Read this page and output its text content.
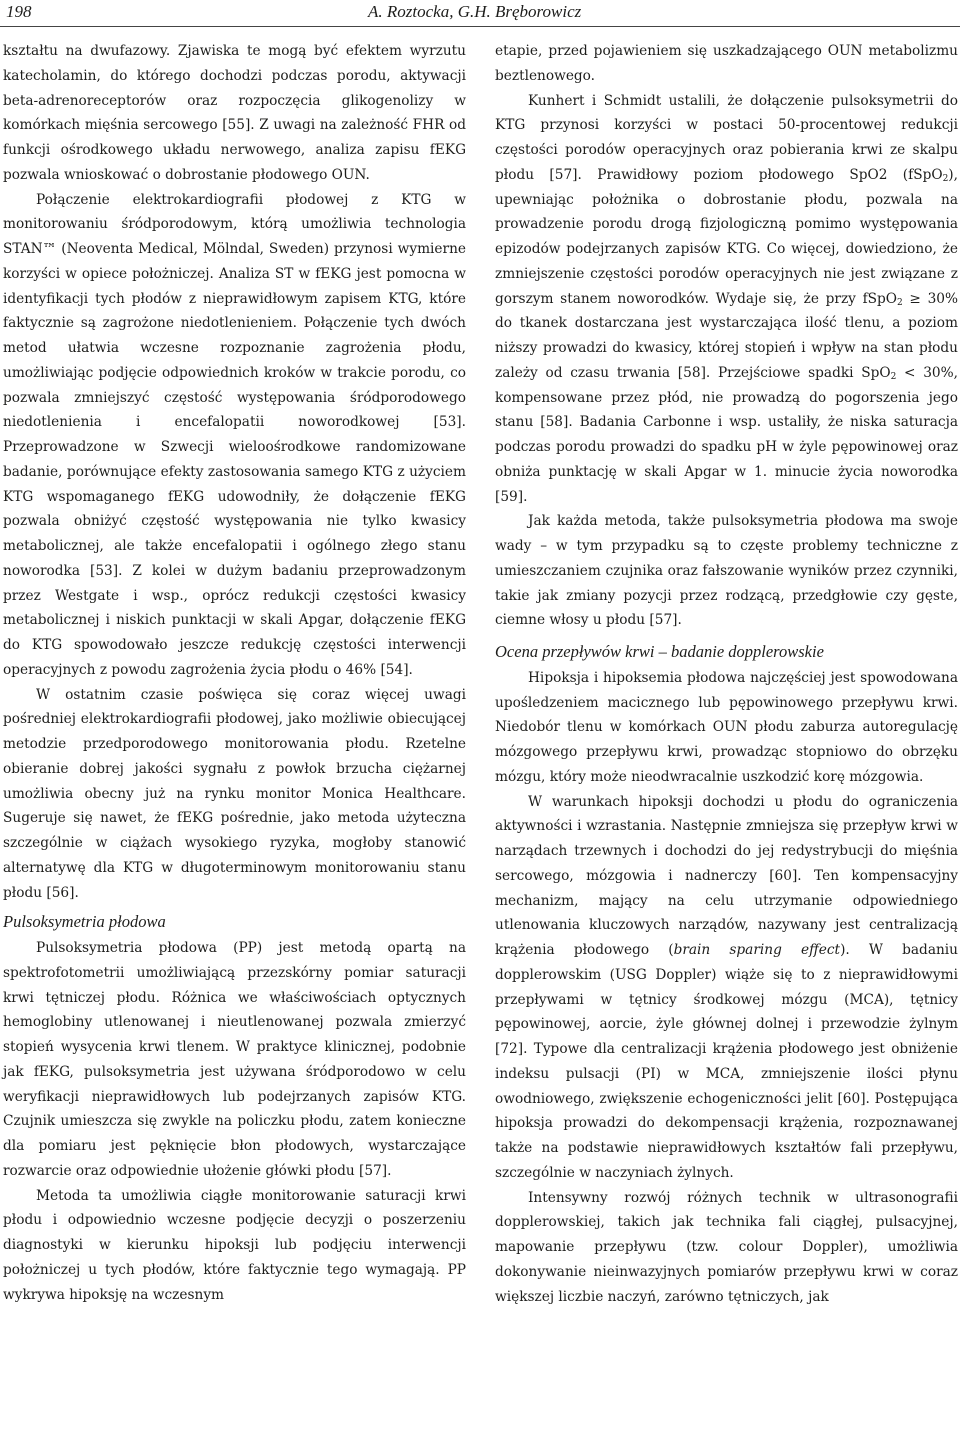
198	A. Roztocka, G.H. Bręborowicz

kształtu na dwufazowy. Zjawiska te mogą być efektem wyrzutu katecholamin, do którego dochodzi podczas porodu, aktywacji beta-adrenoreceptorów oraz rozpoczęcia glikogenolizy w komórkach mięśnia sercowego [55]. Z uwagi na zależność FHR od funkcji ośrodkowego układu nerwowego, analiza zapisu fEKG pozwala wnioskować o dobrostanie płodowego OUN.

Połączenie elektrokardiografii płodowej z KTG w monitorowaniu śródporodowym, którą umożliwia technologia STAN™ (Neoventa Medical, Mölndal, Sweden) przynosi wymierne korzyści w opiece położniczej. Analiza ST w fEKG jest pomocna w identyfikacji tych płodów z nieprawidłowym zapisem KTG, które faktycznie są zagrożone niedotlenieniem. Połączenie tych dwóch metod ułatwia wczesne rozpoznanie zagrożenia płodu, umożliwiając podjęcie odpowiednich kroków w trakcie porodu, co pozwala zmniejszyć częstość występowania śródporodowego niedotlenienia i encefalopatii noworodkowej [53]. Przeprowadzone w Szwecji wieloośrodkowe randomizowane badanie, porównujące efekty zastosowania samego KTG z użyciem KTG wspomaganego fEKG udowodniły, że dołączenie fEKG pozwala obniżyć częstość występowania nie tylko kwasicy metabolicznej, ale także encefalopatii i ogólnego złego stanu noworodka [53]. Z kolei w dużym badaniu przeprowadzonym przez Westgate i wsp., oprócz redukcji częstości kwasicy metabolicznej i niskich punktacji w skali Apgar, dołączenie fEKG do KTG spowodowało jeszcze redukcję częstości interwencji operacyjnych z powodu zagrożenia życia płodu o 46% [54].

W ostatnim czasie poświęca się coraz więcej uwagi pośredniej elektrokardiografii płodowej, jako możliwie obiecującej metodzie przedporodowego monitorowania płodu. Rzetelne obieranie dobrej jakości sygnału z powłok brzucha ciężarnej umożliwia obecny już na rynku monitor Monica Healthcare. Sugeruje się nawet, że fEKG pośrednie, jako metoda użyteczna szczególnie w ciążach wysokiego ryzyka, mogłoby stanowić alternatywę dla KTG w długoterminowym monitorowaniu stanu płodu [56].

Pulsoksymetria płodowa

Pulsoksymetria płodowa (PP) jest metodą opartą na spektrofotometrii umożliwiającą przezskórny pomiar saturacji krwi tętniczej płodu. Różnica we właściwościach optycznych hemoglobiny utlenowanej i nieutlenowanej pozwala zmierzyć stopień wysycenia krwi tlenem. W praktyce klinicznej, podobnie jak fEKG, pulsoksymetria jest używana śródporodowo w celu weryfikacji nieprawidłowych lub podejrzanych zapisów KTG. Czujnik umieszcza się zwykle na policzku płodu, zatem konieczne dla pomiaru jest pęknięcie błon płodowych, wystarczające rozwarcie oraz odpowiednie ułożenie główki płodu [57].

Metoda ta umożliwia ciągłe monitorowanie saturacji krwi płodu i odpowiednio wczesne podjęcie decyzji o poszerzeniu diagnostyki w kierunku hipoksji lub podjęciu interwencji położniczej u tych płodów, które faktycznie tego wymagają. PP wykrywa hipoksję na wczesnym

etapie, przed pojawieniem się uszkadzającego OUN metabolizmu beztlenowego.

Kunhert i Schmidt ustalili, że dołączenie pulsoksymetrii do KTG przynosi korzyści w postaci 50-procentowej redukcji częstości porodów operacyjnych oraz pobierania krwi ze skalpu płodu [57]. Prawidłowy poziom płodowego SpO2 (fSpO$_2$), upewniając położnika o dobrostanie płodu, pozwala na prowadzenie porodu drogą fizjologiczną pomimo występowania epizodów podejrzanych zapisów KTG. Co więcej, dowiedziono, że zmniejszenie częstości porodów operacyjnych nie jest związane z gorszym stanem noworodków. Wydaje się, że przy fSpO$_2$ ≥ 30% do tkanek dostarczana jest wystarczająca ilość tlenu, a poziom niższy prowadzi do kwasicy, której stopień i wpływ na stan płodu zależy od czasu trwania [58]. Przejściowe spadki SpO$_2$ < 30%, kompensowane przez płód, nie prowadzą do pogorszenia jego stanu [58]. Badania Carbonne i wsp. ustaliły, że niska saturacja podczas porodu prowadzi do spadku pH w żyle pępowinowej oraz obniża punktację w skali Apgar w 1. minucie życia noworodka [59].

Jak każda metoda, także pulsoksymetria płodowa ma swoje wady – w tym przypadku są to częste problemy techniczne z umieszczaniem czujnika oraz fałszowanie wyników przez czynniki, takie jak zmiany pozycji przez rodzącą, przedgłowie czy gęste, ciemne włosy u płodu [57].

Ocena przepływów krwi – badanie dopplerowskie

Hipoksja i hipoksemia płodowa najczęściej jest spowodowana upośledzeniem macicznego lub pępowinowego przepływu krwi. Niedobór tlenu w komórkach OUN płodu zaburza autoregulację mózgowego przepływu krwi, prowadząc stopniowo do obrzęku mózgu, który może nieodwracalnie uszkodzić korę mózgowia.

W warunkach hipoksji dochodzi u płodu do ograniczenia aktywności i wzrastania. Następnie zmniejsza się przepływ krwi w narządach trzewnych i dochodzi do jej redystrybucji do mięśnia sercowego, mózgowia i nadnerczy [60]. Ten kompensacyjny mechanizm, mający na celu utrzymanie odpowiedniego utlenowania kluczowych narządów, nazywany jest centralizacją krążenia płodowego (brain sparing effect). W badaniu dopplerowskim (USG Doppler) wiąże się to z nieprawidłowymi przepływami w tętnicy środkowej mózgu (MCA), tętnicy pępowinowej, aorcie, żyle głównej dolnej i przewodzie żylnym [72]. Typowe dla centralizacji krążenia płodowego jest obniżenie indeksu pulsacji (PI) w MCA, zmniejszenie ilości płynu owodniowego, zwiększenie echogeniczności jelit [60]. Postępująca hipoksja prowadzi do dekompensacji krążenia, rozpoznawanej także na podstawie nieprawidłowych kształtów fali przepływu, szczególnie w naczyniach żylnych.

Intensywny rozwój różnych technik w ultrasonografii dopplerowskiej, takich jak technika fali ciągłej, pulsacyjnej, mapowanie przepływu (tzw. colour Doppler), umożliwia dokonywanie nieinwazyjnych pomiarów przepływu krwi w coraz większej liczbie naczyń, zarówno tętniczych, jak
